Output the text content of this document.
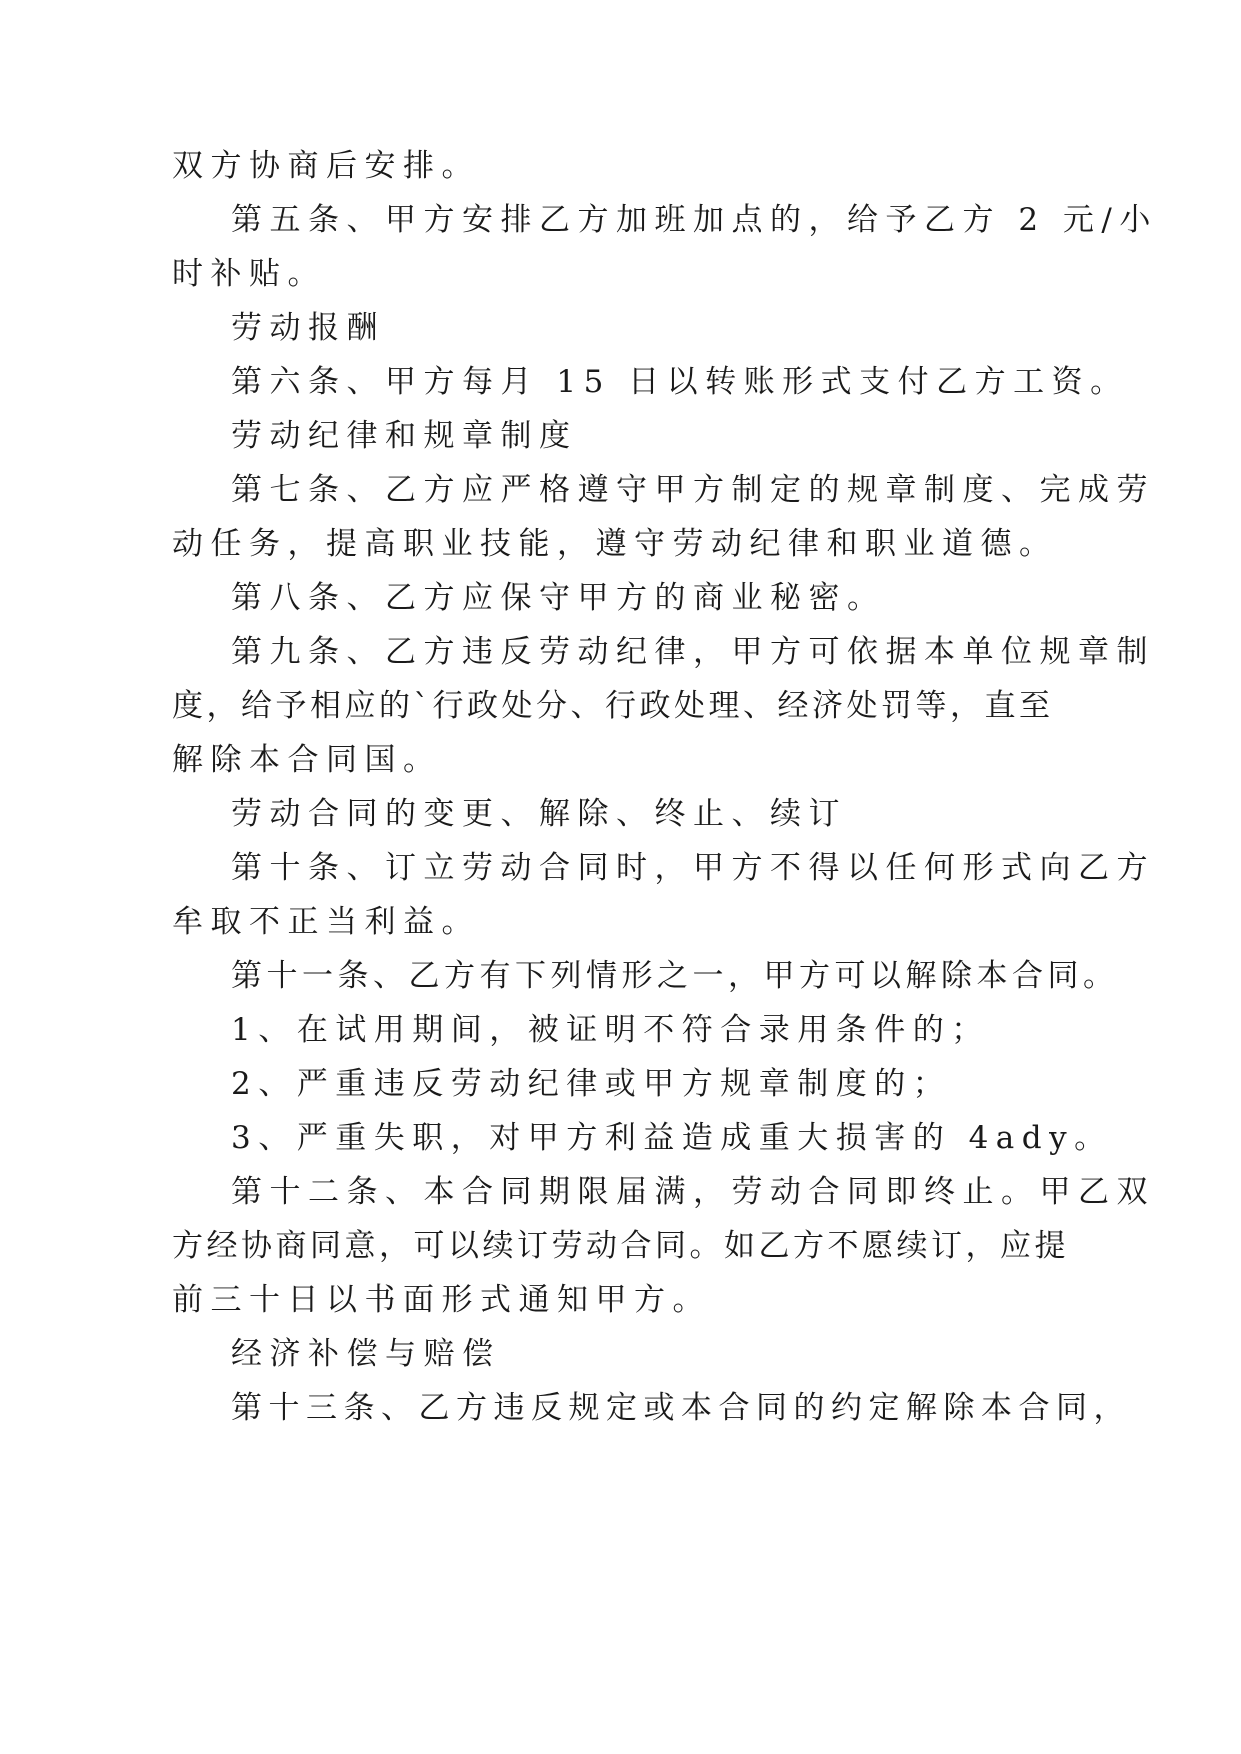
双方协商后安排。

第五条、甲方安排乙方加班加点的，给予乙方 2 元/小

时补贴。

劳动报酬

第六条、甲方每月 15 日以转账形式支付乙方工资。

劳动纪律和规章制度

第七条、乙方应严格遵守甲方制定的规章制度、完成劳

动任务，提高职业技能，遵守劳动纪律和职业道德。

第八条、乙方应保守甲方的商业秘密。

第九条、乙方违反劳动纪律，甲方可依据本单位规章制

度，给予相应的`行政处分、行政处理、经济处罚等，直至

解除本合同国。

劳动合同的变更、解除、终止、续订

第十条、订立劳动合同时，甲方不得以任何形式向乙方

牟取不正当利益。

第十一条、乙方有下列情形之一，甲方可以解除本合同。

1、在试用期间，被证明不符合录用条件的；

2、严重违反劳动纪律或甲方规章制度的；

3、严重失职，对甲方利益造成重大损害的 4ady。

第十二条、本合同期限届满，劳动合同即终止。甲乙双

方经协商同意，可以续订劳动合同。如乙方不愿续订，应提

前三十日以书面形式通知甲方。

经济补偿与赔偿

第十三条、乙方违反规定或本合同的约定解除本合同，
